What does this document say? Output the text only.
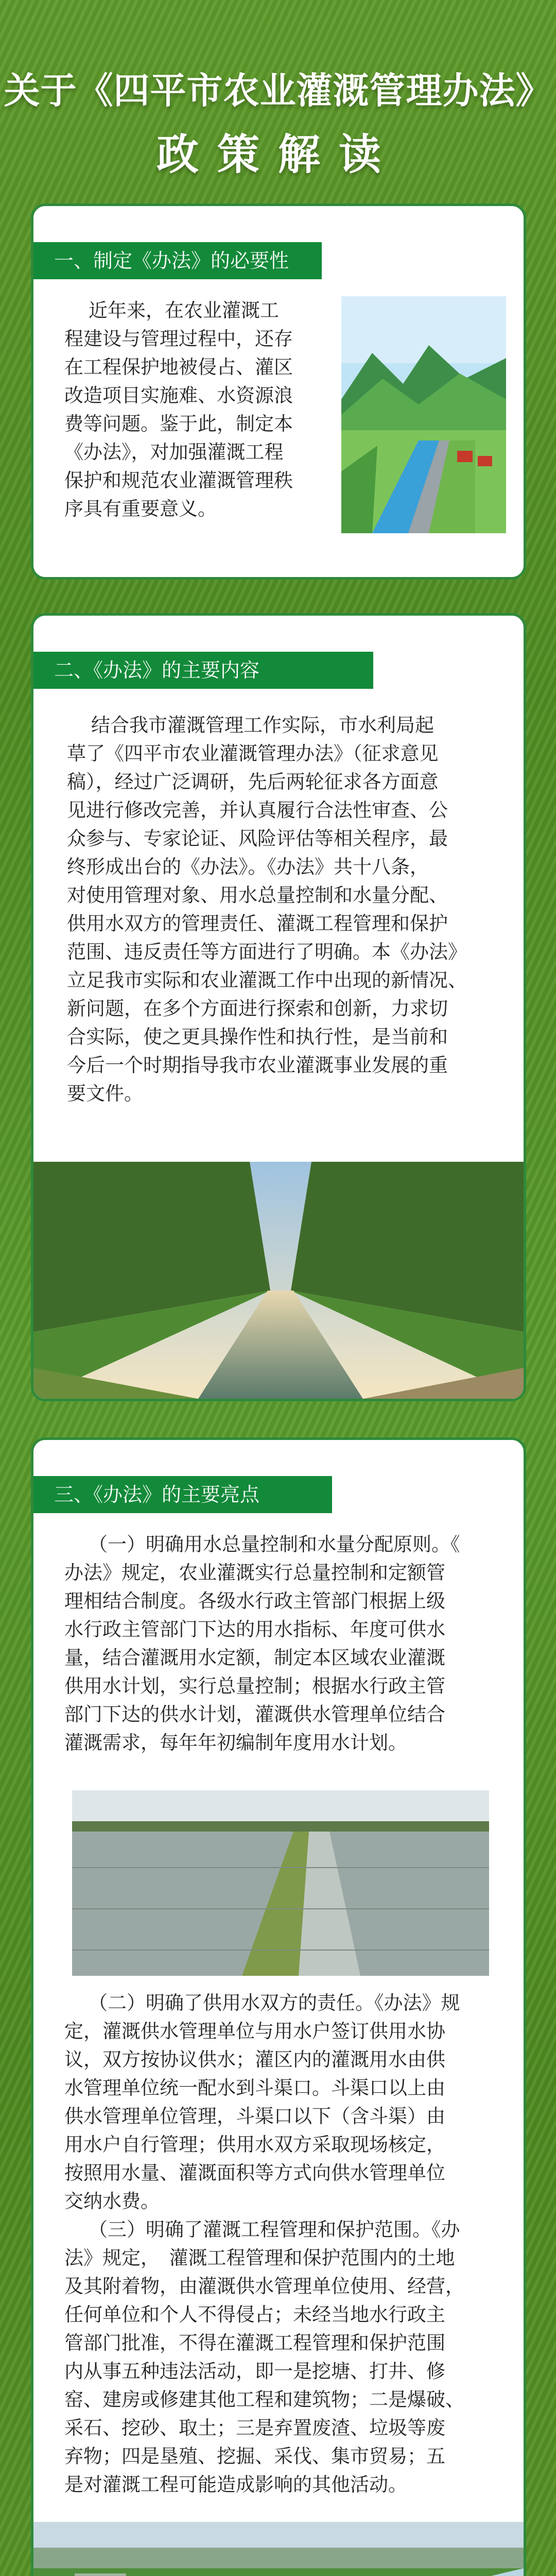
关于《四平市农业灌溉管理办法》
政策解读
一、制定《办法》的必要性
近年来，在农业灌溉工
程建设与管理过程中，还存
在工程保护地被侵占、灌区
改造项目实施难、水资源浪
费等问题。鉴于此，制定本
《办法》，对加强灌溉工程
保护和规范农业灌溉管理秩
序具有重要意义。
二、《办法》的主要内容
结合我市灌溉管理工作实际，市水利局起
草了《四平市农业灌溉管理办法》（征求意见
稿），经过广泛调研，先后两轮征求各方面意
见进行修改完善，并认真履行合法性审查、公
众参与、专家论证、风险评估等相关程序，最
终形成出台的《办法》。《办法》共十八条，
对使用管理对象、用水总量控制和水量分配、
供用水双方的管理责任、灌溉工程管理和保护
范围、违反责任等方面进行了明确。本《办法》
立足我市实际和农业灌溉工作中出现的新情况、
新问题，在多个方面进行探索和创新，力求切
合实际，使之更具操作性和执行性，是当前和
今后一个时期指导我市农业灌溉事业发展的重
要文件。
三、《办法》的主要亮点
（一）明确用水总量控制和水量分配原则。《
办法》规定，农业灌溉实行总量控制和定额管
理相结合制度。各级水行政主管部门根据上级
水行政主管部门下达的用水指标、年度可供水
量，结合灌溉用水定额，制定本区域农业灌溉
供用水计划，实行总量控制；根据水行政主管
部门下达的供水计划，灌溉供水管理单位结合
灌溉需求，每年年初编制年度用水计划。
（二）明确了供用水双方的责任。《办法》规
定，灌溉供水管理单位与用水户签订供用水协
议，双方按协议供水；灌区内的灌溉用水由供
水管理单位统一配水到斗渠口。斗渠口以上由
供水管理单位管理，斗渠口以下（含斗渠）由
用水户自行管理；供用水双方采取现场核定，
按照用水量、灌溉面积等方式向供水管理单位
交纳水费。
（三）明确了灌溉工程管理和保护范围。《办
法》规定，　灌溉工程管理和保护范围内的土地
及其附着物，由灌溉供水管理单位使用、经营，
任何单位和个人不得侵占；未经当地水行政主
管部门批准，不得在灌溉工程管理和保护范围
内从事五种违法活动，即一是挖塘、打井、修
窑、建房或修建其他工程和建筑物；二是爆破、
采石、挖砂、取土；三是弃置废渣、垃圾等废
弃物；四是垦殖、挖掘、采伐、集市贸易；五
是对灌溉工程可能造成影响的其他活动。
